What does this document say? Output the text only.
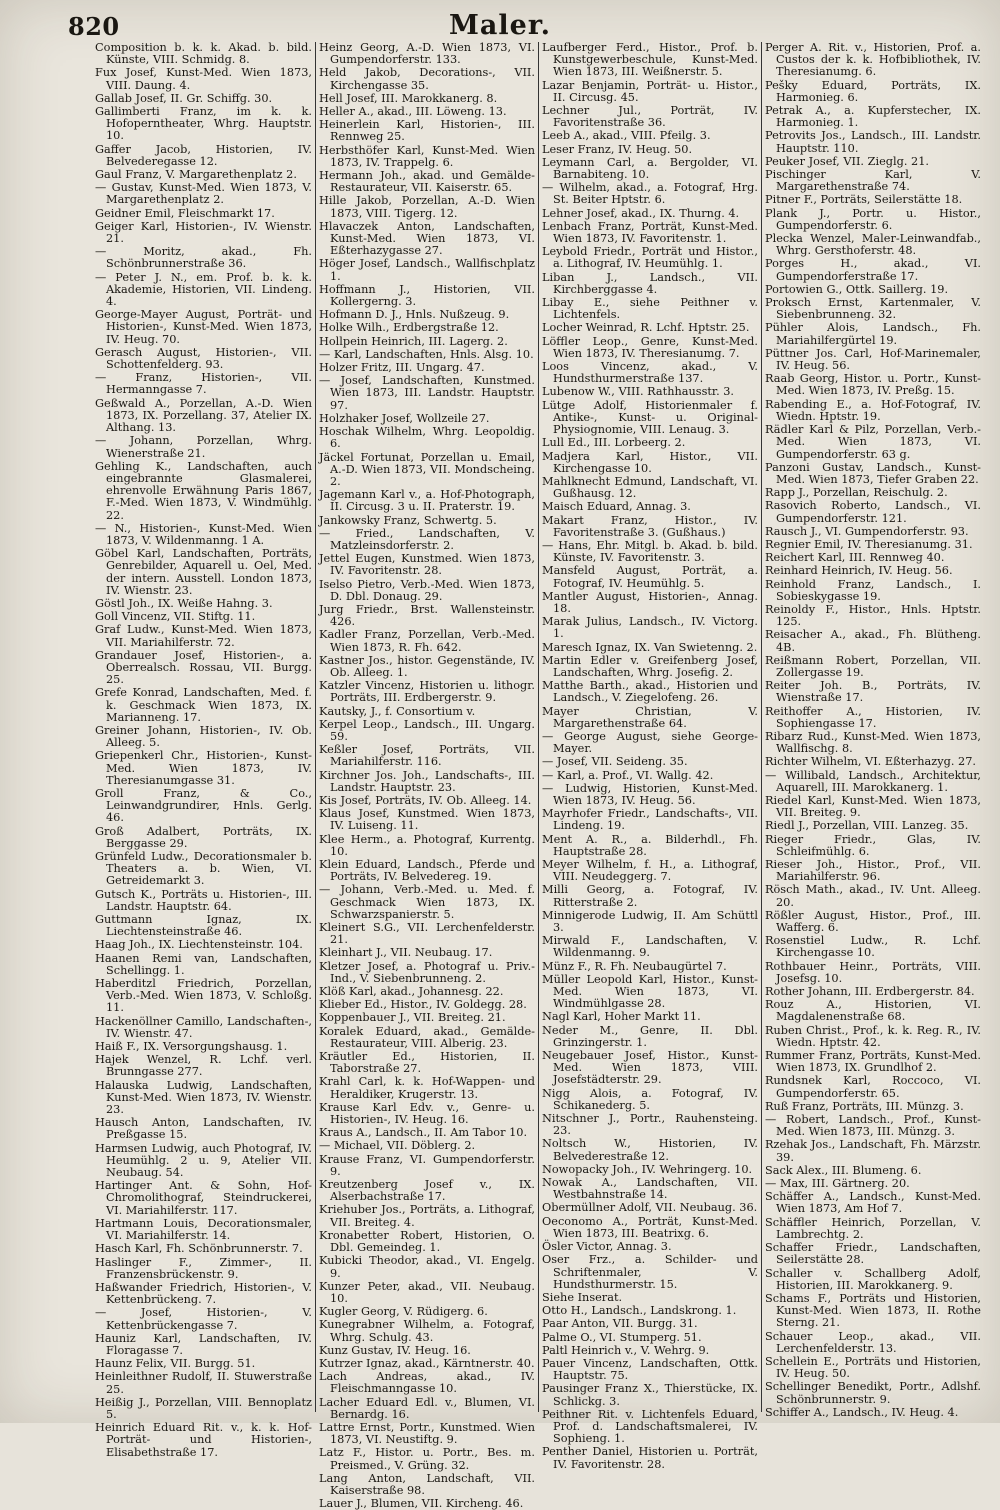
820	Maler.
Composition b. k. k. Akad. b. bild. Künste, VIII. Schmidg. 8.
Fux Josef, Kunst-Med. Wien 1873, VIII. Daung. 4.
Gallab Josef, II. Gr. Schiffg. 30.
Gallimberti Franz, im k. k. Hofoperntheater, Whrg. Hauptstr. 10.
Gaffer Jacob, Historien, IV. Belvederegasse 12.
Gaul Franz, V. Margarethenplatz 2.
— Gustav, Kunst-Med. Wien 1873, V. Margarethenplatz 2.
Geidner Emil, Fleischmarkt 17.
Geiger Karl, Historien-, IV. Wienstr. 21.
— Moritz, akad., Fh. Schönbrunnerstraße 36.
— Peter J. N., em. Prof. b. k. k. Akademie, Historien, VII. Lindeng. 4.
George-Mayer August, Porträt- und Historien-, Kunst-Med. Wien 1873, IV. Heug. 70.
Gerasch August, Historien-, VII. Schottenfelderg. 93.
— Franz, Historien-, VII. Hermanngasse 7.
Geßwald A., Porzellan, A.-D. Wien 1873, IX. Porzellang. 37, Atelier IX. Althang. 13.
— Johann, Porzellan, Whrg. Wienerstraße 21.
Gehling K., Landschaften, auch eingebrannte Glasmalerei, ehrenvolle Erwähnung Paris 1867, F.-Med. Wien 1873, V. Windmühlg. 22.
— N., Historien-, Kunst-Med. Wien 1873, V. Wildenmanng. 1 A.
Göbel Karl, Landschaften, Porträts, Genrebilder, Aquarell u. Oel, Med. der intern. Ausstell. London 1873, IV. Wienstr. 23.
Göstl Joh., IX. Weiße Hahng. 3.
Goll Vincenz, VII. Stiftg. 11.
Graf Ludw., Kunst-Med. Wien 1873, VII. Mariahilferstr. 72.
Grandauer Josef, Historien-, a. Oberrealsch. Rossau, VII. Burgg. 25.
Grefe Konrad, Landschaften, Med. f. k. Geschmack Wien 1873, IX. Marianneng. 17.
Greiner Johann, Historien-, IV. Ob. Alleeg. 5.
Griepenkerl Chr., Historien-, Kunst-Med. Wien 1873, IV. Theresianumgasse 31.
Groll Franz, & Co., Leinwandgrundirer, Hnls. Gerlg. 46.
Groß Adalbert, Porträts, IX. Berggasse 29.
Grünfeld Ludw., Decorationsmaler b. Theaters a. b. Wien, VI. Getreidemarkt 3.
Gutsch K., Porträts u. Historien-, III. Landstr. Hauptstr. 64.
Guttmann Ignaz, IX. Liechtensteinstraße 46.
Haag Joh., IX. Liechtensteinstr. 104.
Haanen Remi van, Landschaften, Schellingg. 1.
Haberditzl Friedrich, Porzellan, Verb.-Med. Wien 1873, V. Schloßg. 11.
Hackenöllner Camillo, Landschaften-, IV. Wienstr. 47.
Haiß F., IX. Versorgungshausg. 1.
Hajek Wenzel, R. Lchf. verl. Brunngasse 277.
Halauska Ludwig, Landschaften, Kunst-Med. Wien 1873, IV. Wienstr. 23.
Hausch Anton, Landschaften, IV. Preßgasse 15.
Harmsen Ludwig, auch Photograf, IV. Heumühlg. 2 u. 9, Atelier VII. Neubaug. 54.
Hartinger Ant. & Sohn, Hof-Chromolithograf, Steindruckerei, VI. Mariahilferstr. 117.
Hartmann Louis, Decorationsmaler, VI. Mariahilferstr. 14.
Hasch Karl, Fh. Schönbrunnerstr. 7.
Haslinger F., Zimmer-, II. Franzensbrückenstr. 9.
Haßwander Friedrich, Historien-, V. Kettenbrückeng. 7.
— Josef, Historien-, V. Kettenbrückengasse 7.
Hauniz Karl, Landschaften, IV. Floragasse 7.
Haunz Felix, VII. Burgg. 51.
Heinleithner Rudolf, II. Stuwerstraße 25.
Heißig J., Porzellan, VIII. Bennoplatz 5.
Heinrich Eduard Rit. v., k. k. Hof- Porträt- und Historien-, Elisabethstraße 17.
Heinz Georg, A.-D. Wien 1873, VI. Gumpendorferstr. 133.
Held Jakob, Decorations-, VII. Kirchengasse 35.
Hell Josef, III. Marokkanerg. 8.
Heller A., akad., III. Löweng. 13.
Heinerlein Karl, Historien-, III. Rennweg 25.
Herbsthöfer Karl, Kunst-Med. Wien 1873, IV. Trappelg. 6.
Hermann Joh., akad. und Gemälde-Restaurateur, VII. Kaiserstr. 65.
Hille Jakob, Porzellan, A.-D. Wien 1873, VIII. Tigerg. 12.
Hlavaczek Anton, Landschaften, Kunst-Med. Wien 1873, VI. Eßterhazygasse 27.
Höger Josef, Landsch., Wallfischplatz 1.
Hoffmann J., Historien, VII. Kollergerng. 3.
Hofmann D. J., Hnls. Nußzeug. 9.
Holke Wilh., Erdbergstraße 12.
Hollpein Heinrich, III. Lagerg. 2.
— Karl, Landschaften, Hnls. Alsg. 10.
Holzer Fritz, III. Ungarg. 47.
— Josef, Landschaften, Kunstmed. Wien 1873, III. Landstr. Hauptstr. 97.
Holzhaker Josef, Wollzeile 27.
Hoschak Wilhelm, Whrg. Leopoldig. 6.
Jäckel Fortunat, Porzellan u. Email, A.-D. Wien 1873, VII. Mondscheing. 2.
Jagemann Karl v., a. Hof-Photograph, II. Circusg. 3 u. II. Praterstr. 19.
Jankowsky Franz, Schwertg. 5.
— Fried., Landschaften, V. Matzleinsdorferstr. 2.
Jettel Eugen, Kunstmed. Wien 1873, IV. Favoritenstr. 28.
Iselso Pietro, Verb.-Med. Wien 1873, D. Dbl. Donaug. 29.
Jurg Friedr., Brst. Wallensteinstr. 426.
Kadler Franz, Porzellan, Verb.-Med. Wien 1873, R. Fh. 642.
Kastner Jos., histor. Gegenstände, IV. Ob. Alleeg. 1.
Katzler Vincenz, Historien u. lithogr. Porträts, III. Erdbergerstr. 9.
Kautsky, J., f. Consortium v.
Kerpel Leop., Landsch., III. Ungarg. 59.
Keßler Josef, Porträts, VII. Mariahilferstr. 116.
Kirchner Jos. Joh., Landschafts-, III. Landstr. Hauptstr. 23.
Kis Josef, Porträts, IV. Ob. Alleeg. 14.
Klaus Josef, Kunstmed. Wien 1873, IV. Luiseng. 11.
Klee Herm., a. Photograf, Kurrentg. 10.
Klein Eduard, Landsch., Pferde und Porträts, IV. Belvedereg. 19.
— Johann, Verb.-Med. u. Med. f. Geschmack Wien 1873, IX. Schwarzspanierstr. 5.
Kleinert S.G., VII. Lerchenfelderstr. 21.
Kleinhart J., VII. Neubaug. 17.
Kletzer Josef, a. Photograf u. Priv.-Ind., V. Siebenbrunneng. 2.
Klöß Karl, akad., Johannesg. 22.
Klieber Ed., Histor., IV. Goldegg. 28.
Koppenbauer J., VII. Breiteg. 21.
Koralek Eduard, akad., Gemälde-Restaurateur, VIII. Alberig. 23.
Kräutler Ed., Historien, II. Taborstraße 27.
Krahl Carl, k. k. Hof-Wappen- und Heraldiker, Krugerstr. 13.
Krause Karl Edv. v., Genre- u. Historien-, IV. Heug. 16.
Kraus A., Landsch., II. Am Tabor 10.
— Michael, VII. Döblerg. 2.
Krause Franz, VI. Gumpendorferstr. 9.
Kreutzenberg Josef v., IX. Alserbachstraße 17.
Kriehuber Jos., Porträts, a. Lithograf, VII. Breiteg. 4.
Kronabetter Robert, Historien, O. Dbl. Gemeindeg. 1.
Kubicki Theodor, akad., VI. Engelg. 9.
Kunzer Peter, akad., VII. Neubaug. 10.
Kugler Georg, V. Rüdigerg. 6.
Kunegrabner Wilhelm, a. Fotograf, Whrg. Schulg. 43.
Kunz Gustav, IV. Heug. 16.
Kutrzer Ignaz, akad., Kärntnerstr. 40.
Lach Andreas, akad., IV. Fleischmanngasse 10.
Lacher Eduard Edl. v., Blumen, VI. Bernardg. 16.
Lattre Ernst, Portr., Kunstmed. Wien 1873, VI. Neustiftg. 9.
Latz F., Histor. u. Portr., Bes. m. Preismed., V. Grüng. 32.
Lang Anton, Landschaft, VII. Kaiserstraße 98.
Lauer J., Blumen, VII. Kircheng. 46.
Laufberger Ferd., Histor., Prof. b. Kunstgewerbeschule, Kunst-Med. Wien 1873, III. Weißnerstr. 5.
Lazar Benjamin, Porträt- u. Histor., II. Circusg. 45.
Lechner Jul., Porträt, IV. Favoritenstraße 36.
Leeb A., akad., VIII. Pfeilg. 3.
Leser Franz, IV. Heug. 50.
Leymann Carl, a. Bergolder, VI. Barnabiteng. 10.
— Wilhelm, akad., a. Fotograf, Hrg. St. Beiter Hptstr. 6.
Lehner Josef, akad., IX. Thurng. 4.
Lenbach Franz, Porträt, Kunst-Med. Wien 1873, IV. Favoritenstr. 1.
Leybold Friedr., Porträt und Histor., a. Lithograf, IV. Heumühlg. 1.
Liban J., Landsch., VII. Kirchberggasse 4.
Libay E., siehe Peithner v. Lichtenfels.
Locher Weinrad, R. Lchf. Hptstr. 25.
Löffler Leop., Genre, Kunst-Med. Wien 1873, IV. Theresianumg. 7.
Loos Vincenz, akad., V. Hundsthurmerstraße 137.
Lubenow W., VIII. Rathhausstr. 3.
Lütge Adolf, Historienmaler f. Antike-, Kunst- u. Original-Physiognomie, VIII. Lenaug. 3.
Lull Ed., III. Lorbeerg. 2.
Madjera Karl, Histor., VII. Kirchengasse 10.
Mahlknecht Edmund, Landschaft, VI. Gußhausg. 12.
Maisch Eduard, Annag. 3.
Makart Franz, Histor., IV. Favoritenstraße 3. (Gußhaus.)
— Hans, Ehr. Mitgl. b. Akad. b. bild. Künste, IV. Favoritenstr. 3.
Mansfeld August, Porträt, a. Fotograf, IV. Heumühlg. 5.
Mantler August, Historien-, Annag. 18.
Marak Julius, Landsch., IV. Victorg. 1.
Maresch Ignaz, IX. Van Swietenng. 2.
Martin Edler v. Greifenberg Josef, Landschaften, Whrg. Josefig. 2.
Matthe Barth., akad., Historien und Landsch., V. Ziegelofeng. 26.
Mayer Christian, V. Margarethenstraße 64.
— George August, siehe George-Mayer.
— Josef, VII. Seideng. 35.
— Karl, a. Prof., VI. Wallg. 42.
— Ludwig, Historien, Kunst-Med. Wien 1873, IV. Heug. 56.
Mayrhofer Friedr., Landschafts-, VII. Lindeng. 19.
Ment A. R., a. Bilderhdl., Fh. Hauptstraße 28.
Meyer Wilhelm, f. H., a. Lithograf, VIII. Neudeggerg. 7.
Milli Georg, a. Fotograf, IV. Ritterstraße 2.
Minnigerode Ludwig, II. Am Schüttl 3.
Mirwald F., Landschaften, V. Wildenmanng. 9.
Münz F., R. Fh. Neubaugürtel 7.
Müller Leopold Karl, Histor., Kunst-Med. Wien 1873, VI. Windmühlgasse 28.
Nagl Karl, Hoher Markt 11.
Neder M., Genre, II. Dbl. Grinzingerstr. 1.
Neugebauer Josef, Histor., Kunst-Med. Wien 1873, VIII. Josefstädterstr. 29.
Nigg Alois, a. Fotograf, IV. Schikanederg. 5.
Nitschner J., Portr., Rauhensteing. 23.
Noltsch W., Historien, IV. Belvederestraße 12.
Nowopacky Joh., IV. Wehringerg. 10.
Nowak A., Landschaften, VII. Westbahnstraße 14.
Obermüllner Adolf, VII. Neubaug. 36.
Oeconomo A., Porträt, Kunst-Med. Wien 1873, III. Beatrixg. 6.
Ösler Victor, Annag. 3.
Oser Frz., a. Schilder- und Schriftenmaler, V. Hundsthurmerstr. 15.
Siehe Inserat.
Otto H., Landsch., Landskrong. 1.
Paar Anton, VII. Burgg. 31.
Palme O., VI. Stumperg. 51.
Paltl Heinrich v., V. Wehrg. 9.
Pauer Vincenz, Landschaften, Ottk. Hauptstr. 75.
Pausinger Franz X., Thierstücke, IX. Schlickg. 3.
Peithner Rit. v. Lichtenfels Eduard, Prof. d. Landschaftsmalerei, IV. Sophieng. 1.
Penther Daniel, Historien u. Porträt, IV. Favoritenstr. 28.
Perger A. Rit. v., Historien, Prof. a. Custos der k. k. Hofbibliothek, IV. Theresianumg. 6.
Pešky Eduard, Porträts, IX. Harmonieg. 6.
Petrak A., a. Kupferstecher, IX. Harmonieg. 1.
Petrovits Jos., Landsch., III. Landstr. Hauptstr. 110.
Peuker Josef, VII. Zieglg. 21.
Pischinger Karl, V. Margarethenstraße 74.
Pitner F., Porträts, Seilerstätte 18.
Plank J., Portr. u. Histor., Gumpendorferstr. 6.
Plecka Wenzel, Maler-Leinwandfab., Whrg. Gersthoferstr. 48.
Porges H., akad., VI. Gumpendorferstraße 17.
Portowien G., Ottk. Saillerg. 19.
Proksch Ernst, Kartenmaler, V. Siebenbrunneng. 32.
Pühler Alois, Landsch., Fh. Mariahilfergürtel 19.
Püttner Jos. Carl, Hof-Marinemaler, IV. Heug. 56.
Raab Georg, Histor. u. Portr., Kunst-Med. Wien 1873, IV. Preßg. 15.
Rabending E., a. Hof-Fotograf, IV. Wiedn. Hptstr. 19.
Rädler Karl & Pilz, Porzellan, Verb.-Med. Wien 1873, VI. Gumpendorferstr. 63 g.
Panzoni Gustav, Landsch., Kunst-Med. Wien 1873, Tiefer Graben 22.
Rapp J., Porzellan, Reischulg. 2.
Rasovich Roberto, Landsch., VI. Gumpendorferstr. 121.
Rausch J., VI. Gumpendorferstr. 93.
Regnier Emil, IV. Theresianumg. 31.
Reichert Karl, III. Rennweg 40.
Reinhard Heinrich, IV. Heug. 56.
Reinhold Franz, Landsch., I. Sobieskygasse 19.
Reinoldy F., Histor., Hnls. Hptstr. 125.
Reisacher A., akad., Fh. Blütheng. 4B.
Reißmann Robert, Porzellan, VII. Zollergasse 19.
Reiter Joh. B., Porträts, IV. Wienstraße 17.
Reithoffer A., Historien, IV. Sophiengasse 17.
Ribarz Rud., Kunst-Med. Wien 1873, Wallfischg. 8.
Richter Wilhelm, VI. Eßterhazyg. 27.
— Willibald, Landsch., Architektur, Aquarell, III. Marokkanerg. 1.
Riedel Karl, Kunst-Med. Wien 1873, VII. Breiteg. 9.
Riedl J., Porzellan, VIII. Lanzeg. 35.
Rieger Friedr., Glas, IV. Schleifmühlg. 6.
Rieser Joh., Histor., Prof., VII. Mariahilferstr. 96.
Rösch Math., akad., IV. Unt. Alleeg. 20.
Rößler August, Histor., Prof., III. Wafferg. 6.
Rosenstiel Ludw., R. Lchf. Kirchengasse 10.
Rothbauer Heinr., Porträts, VIII. Josefsg. 10.
Rother Johann, III. Erdbergerstr. 84.
Rouz A., Historien, VI. Magdalenenstraße 68.
Ruben Christ., Prof., k. k. Reg. R., IV. Wiedn. Hptstr. 42.
Rummer Franz, Porträts, Kunst-Med. Wien 1873, IX. Grundlhof 2.
Rundsnek Karl, Roccoco, VI. Gumpendorferstr. 65.
Ruß Franz, Porträts, III. Münzg. 3.
— Robert, Landsch., Prof., Kunst-Med. Wien 1873, III. Münzg. 3.
Rzehak Jos., Landschaft, Fh. Märzstr. 39.
Sack Alex., III. Blumeng. 6.
— Max, III. Gärtnerg. 20.
Schäffer A., Landsch., Kunst-Med. Wien 1873, Am Hof 7.
Schäffler Heinrich, Porzellan, V. Lambrechtg. 2.
Schaffer Friedr., Landschaften, Seilerstätte 28.
Schaller v. Schallberg Adolf, Historien, III. Marokkanerg. 9.
Schams F., Porträts und Historien, Kunst-Med. Wien 1873, II. Rothe Sterng. 21.
Schauer Leop., akad., VII. Lerchenfelderstr. 13.
Schellein E., Porträts und Historien, IV. Heug. 50.
Schellinger Benedikt, Portr., Adlshf. Schönbrunnerstr. 9.
Schiffer A., Landsch., IV. Heug. 4.
